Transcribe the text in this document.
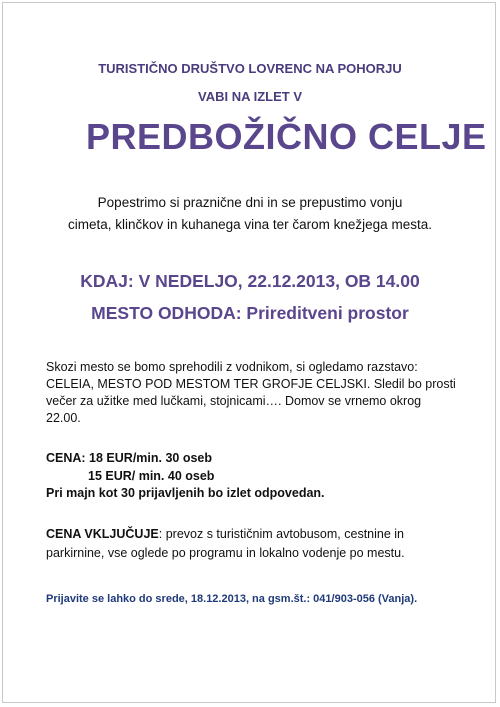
TURISTIČNO DRUŠTVO LOVRENC NA POHORJU
VABI NA IZLET V
PREDBOŽIČNO CELJE
Popestrimo si praznične dni in se prepustimo vonju
cimeta, klinčkov in kuhanega vina ter čarom knežjega mesta.
KDAJ: V NEDELJO, 22.12.2013, OB 14.00
MESTO ODHODA: Prireditveni prostor
Skozi mesto se bomo sprehodili z vodnikom, si ogledamo razstavo:
CELEIA, MESTO POD MESTOM TER GROFJE CELJSKI. Sledil bo prosti
večer za užitke med lučkami, stojnicami…. Domov se vrnemo okrog
22.00.
CENA: 18 EUR/min. 30 oseb
15 EUR/ min. 40 oseb
Pri majn kot 30 prijavljenih bo izlet odpovedan.
CENA VKLJUČUJE: prevoz s turističnim avtobusom, cestnine in
parkirnine, vse oglede po programu in lokalno vodenje po mestu.
Prijavite se lahko do srede, 18.12.2013, na gsm.št.: 041/903-056 (Vanja).
